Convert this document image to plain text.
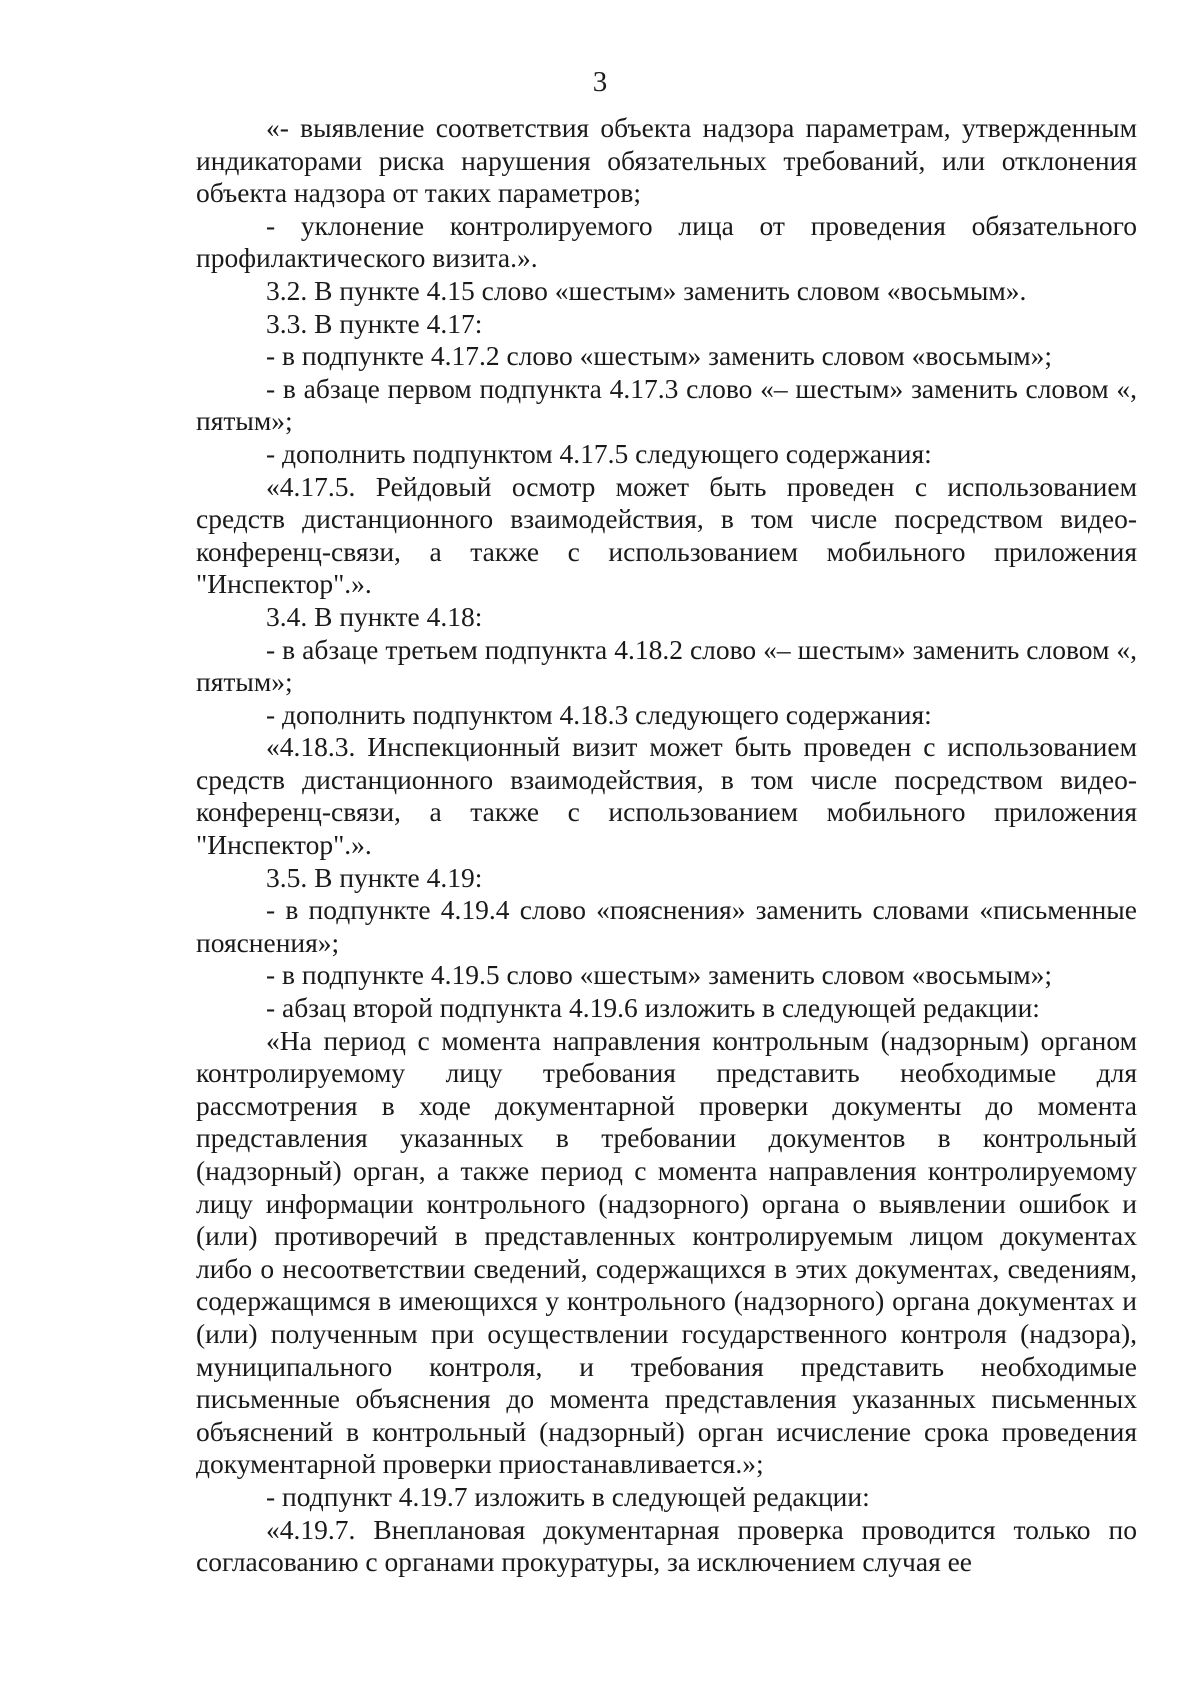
3

«- выявление соответствия объекта надзора параметрам, утвержденным индикаторами риска нарушения обязательных требований, или отклонения объекта надзора от таких параметров;

- уклонение контролируемого лица от проведения обязательного профилактического визита.».

3.2. В пункте 4.15 слово «шестым» заменить словом «восьмым».

3.3. В пункте 4.17:

- в подпункте 4.17.2 слово «шестым» заменить словом «восьмым»;

- в абзаце первом подпункта 4.17.3 слово «– шестым» заменить словом «, пятым»;

- дополнить подпунктом 4.17.5 следующего содержания:

«4.17.5. Рейдовый осмотр может быть проведен с использованием средств дистанционного взаимодействия, в том числе посредством видео-конференц-связи, а также с использованием мобильного приложения "Инспектор".».

3.4. В пункте 4.18:

- в абзаце третьем подпункта 4.18.2 слово «– шестым» заменить словом «, пятым»;

- дополнить подпунктом 4.18.3 следующего содержания:

«4.18.3. Инспекционный визит может быть проведен с использованием средств дистанционного взаимодействия, в том числе посредством видео-конференц-связи, а также с использованием мобильного приложения "Инспектор".».

3.5. В пункте 4.19:

- в подпункте 4.19.4 слово «пояснения» заменить словами «письменные пояснения»;

- в подпункте 4.19.5 слово «шестым» заменить словом «восьмым»;

- абзац второй подпункта 4.19.6 изложить в следующей редакции:

«На период с момента направления контрольным (надзорным) органом контролируемому лицу требования представить необходимые для рассмотрения в ходе документарной проверки документы до момента представления указанных в требовании документов в контрольный (надзорный) орган, а также период с момента направления контролируемому лицу информации контрольного (надзорного) органа о выявлении ошибок и (или) противоречий в представленных контролируемым лицом документах либо о несоответствии сведений, содержащихся в этих документах, сведениям, содержащимся в имеющихся у контрольного (надзорного) органа документах и (или) полученным при осуществлении государственного контроля (надзора), муниципального контроля, и требования представить необходимые письменные объяснения до момента представления указанных письменных объяснений в контрольный (надзорный) орган исчисление срока проведения документарной проверки приостанавливается.»;

- подпункт 4.19.7 изложить в следующей редакции:

«4.19.7. Внеплановая документарная проверка проводится только по согласованию с органами прокуратуры, за исключением случая ее
